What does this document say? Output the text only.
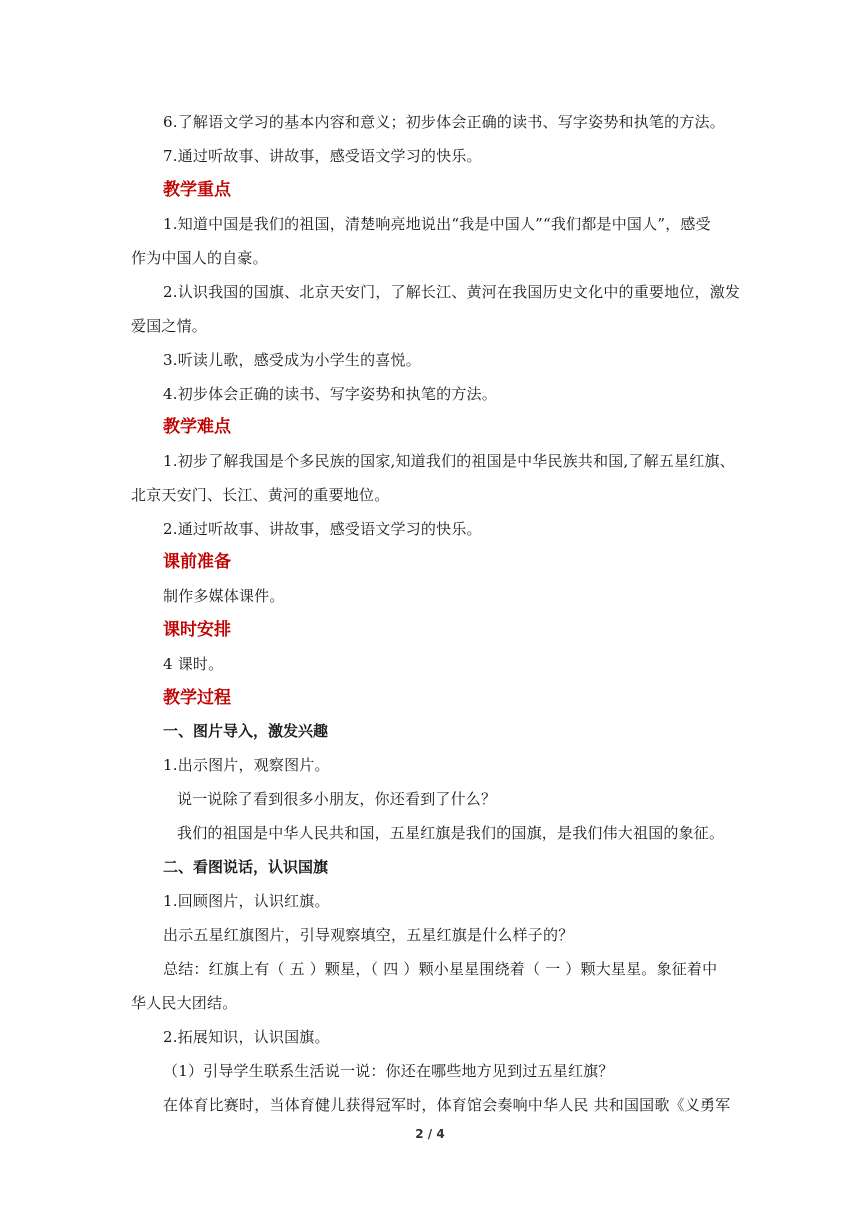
6.了解语文学习的基本内容和意义；初步体会正确的读书、写字姿势和执笔的方法。
7.通过听故事、讲故事，感受语文学习的快乐。
教学重点
1.知道中国是我们的祖国，清楚响亮地说出“我是中国人”“我们都是中国人”，感受
作为中国人的自豪。
2.认识我国的国旗、北京天安门，了解长江、黄河在我国历史文化中的重要地位，激发
爱国之情。
3.听读儿歌，感受成为小学生的喜悦。
4.初步体会正确的读书、写字姿势和执笔的方法。
教学难点
1.初步了解我国是个多民族的国家,知道我们的祖国是中华民族共和国,了解五星红旗、
北京天安门、长江、黄河的重要地位。
2.通过听故事、讲故事，感受语文学习的快乐。
课前准备
制作多媒体课件。
课时安排
4 课时。
教学过程
一、图片导入，激发兴趣
1.出示图片，观察图片。
说一说除了看到很多小朋友，你还看到了什么？
我们的祖国是中华人民共和国，五星红旗是我们的国旗，是我们伟大祖国的象征。
二、看图说话，认识国旗
1.回顾图片，认识红旗。
出示五星红旗图片，引导观察填空，五星红旗是什么样子的？
总结：红旗上有（ 五 ）颗星，（ 四 ）颗小星星围绕着（ 一 ）颗大星星。象征着中
华人民大团结。
2.拓展知识，认识国旗。
（1）引导学生联系生活说一说：你还在哪些地方见到过五星红旗？
在体育比赛时，当体育健儿获得冠军时，体育馆会奏响中华人民 共和国国歌《义勇军
2 / 4
